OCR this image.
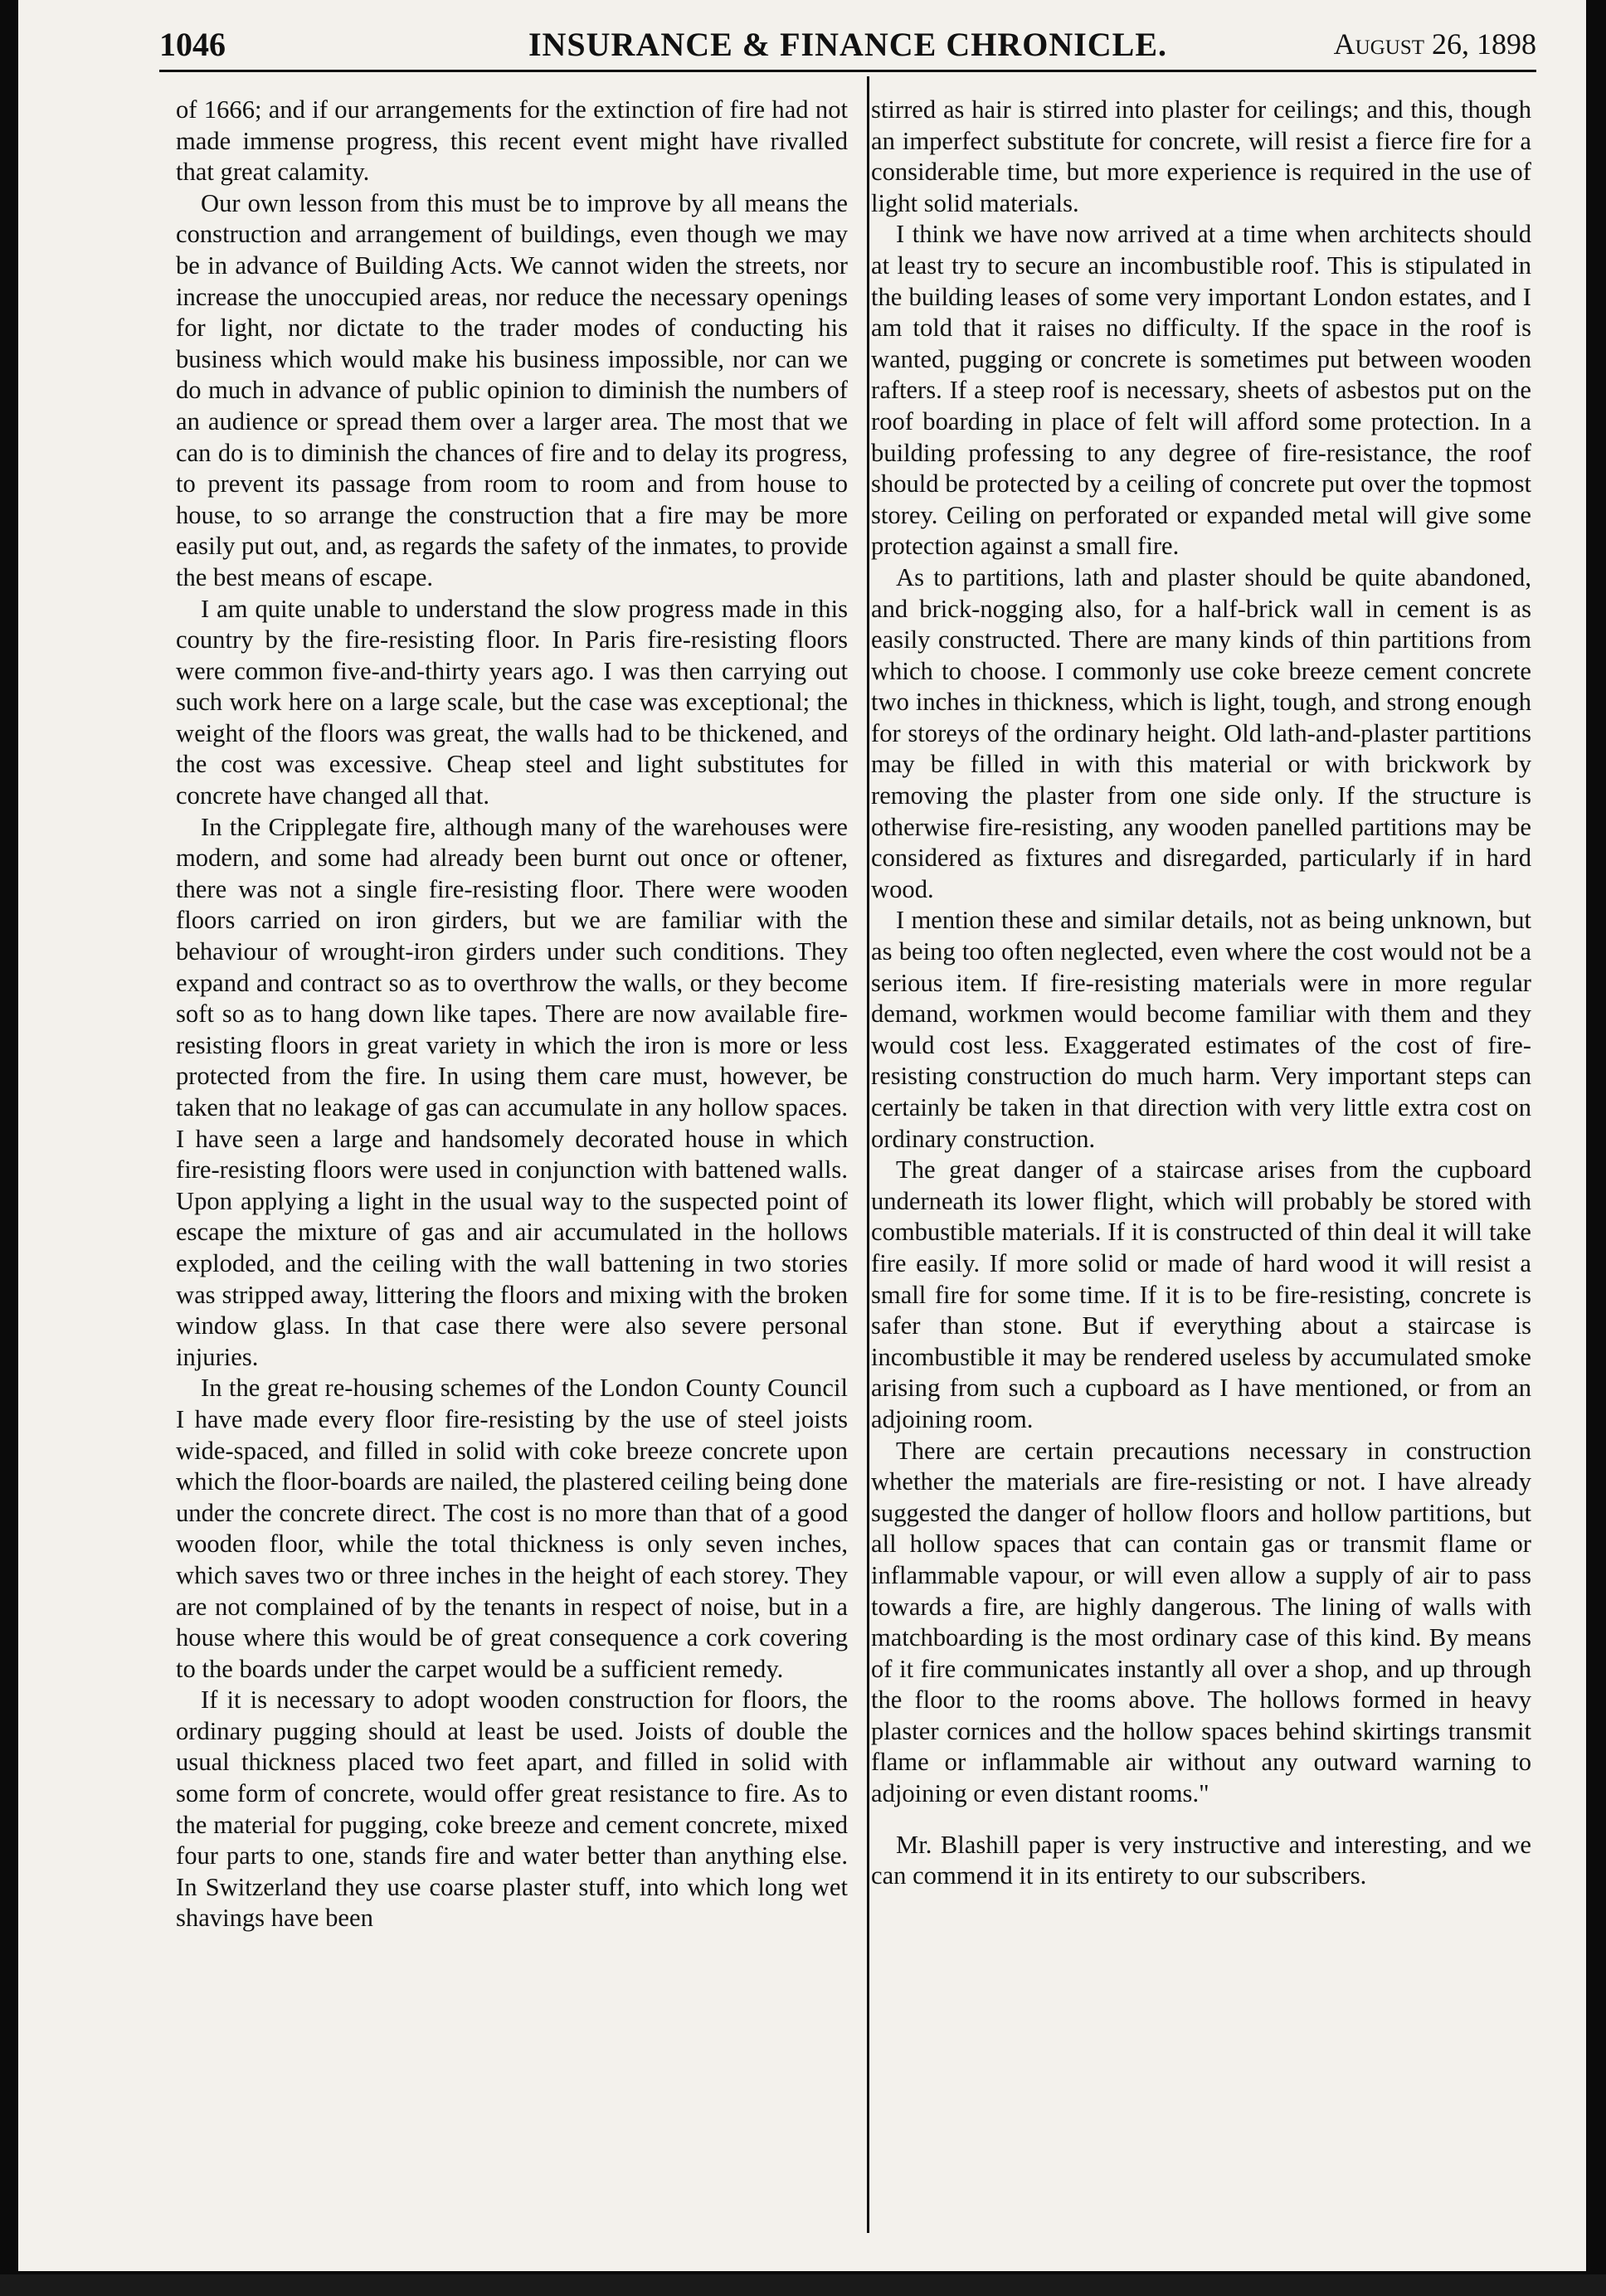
1046	INSURANCE & FINANCE CHRONICLE.	August 26, 1898

of 1666; and if our arrangements for the extinction of fire had not made immense progress, this recent event might have rivalled that great calamity.

Our own lesson from this must be to improve by all means the construction and arrangement of buildings, even though we may be in advance of Building Acts. We cannot widen the streets, nor increase the unoccupied areas, nor reduce the necessary openings for light, nor dictate to the trader modes of conducting his business which would make his business impossible, nor can we do much in advance of public opinion to diminish the numbers of an audience or spread them over a larger area. The most that we can do is to diminish the chances of fire and to delay its progress, to prevent its passage from room to room and from house to house, to so arrange the construction that a fire may be more easily put out, and, as regards the safety of the inmates, to provide the best means of escape.

I am quite unable to understand the slow progress made in this country by the fire-resisting floor. In Paris fire-resisting floors were common five-and-thirty years ago. I was then carrying out such work here on a large scale, but the case was exceptional; the weight of the floors was great, the walls had to be thickened, and the cost was excessive. Cheap steel and light substitutes for concrete have changed all that.

In the Cripplegate fire, although many of the warehouses were modern, and some had already been burnt out once or oftener, there was not a single fire-resisting floor. There were wooden floors carried on iron girders, but we are familiar with the behaviour of wrought-iron girders under such conditions. They expand and contract so as to overthrow the walls, or they become soft so as to hang down like tapes. There are now available fire-resisting floors in great variety in which the iron is more or less protected from the fire. In using them care must, however, be taken that no leakage of gas can accumulate in any hollow spaces. I have seen a large and handsomely decorated house in which fire-resisting floors were used in conjunction with battened walls. Upon applying a light in the usual way to the suspected point of escape the mixture of gas and air accumulated in the hollows exploded, and the ceiling with the wall battening in two stories was stripped away, littering the floors and mixing with the broken window glass. In that case there were also severe personal injuries.

In the great re-housing schemes of the London County Council I have made every floor fire-resisting by the use of steel joists wide-spaced, and filled in solid with coke breeze concrete upon which the floor-boards are nailed, the plastered ceiling being done under the concrete direct. The cost is no more than that of a good wooden floor, while the total thickness is only seven inches, which saves two or three inches in the height of each storey. They are not complained of by the tenants in respect of noise, but in a house where this would be of great consequence a cork covering to the boards under the carpet would be a sufficient remedy.

If it is necessary to adopt wooden construction for floors, the ordinary pugging should at least be used. Joists of double the usual thickness placed two feet apart, and filled in solid with some form of concrete, would offer great resistance to fire. As to the material for pugging, coke breeze and cement concrete, mixed four parts to one, stands fire and water better than anything else. In Switzerland they use coarse plaster stuff, into which long wet shavings have been

stirred as hair is stirred into plaster for ceilings; and this, though an imperfect substitute for concrete, will resist a fierce fire for a considerable time, but more experience is required in the use of light solid materials.

I think we have now arrived at a time when architects should at least try to secure an incombustible roof. This is stipulated in the building leases of some very important London estates, and I am told that it raises no difficulty. If the space in the roof is wanted, pugging or concrete is sometimes put between wooden rafters. If a steep roof is necessary, sheets of asbestos put on the roof boarding in place of felt will afford some protection. In a building professing to any degree of fire-resistance, the roof should be protected by a ceiling of concrete put over the topmost storey. Ceiling on perforated or expanded metal will give some protection against a small fire.

As to partitions, lath and plaster should be quite abandoned, and brick-nogging also, for a half-brick wall in cement is as easily constructed. There are many kinds of thin partitions from which to choose. I commonly use coke breeze cement concrete two inches in thickness, which is light, tough, and strong enough for storeys of the ordinary height. Old lath-and-plaster partitions may be filled in with this material or with brickwork by removing the plaster from one side only. If the structure is otherwise fire-resisting, any wooden panelled partitions may be considered as fixtures and disregarded, particularly if in hard wood.

I mention these and similar details, not as being unknown, but as being too often neglected, even where the cost would not be a serious item. If fire-resisting materials were in more regular demand, workmen would become familiar with them and they would cost less. Exaggerated estimates of the cost of fire-resisting construction do much harm. Very important steps can certainly be taken in that direction with very little extra cost on ordinary construction.

The great danger of a staircase arises from the cupboard underneath its lower flight, which will probably be stored with combustible materials. If it is constructed of thin deal it will take fire easily. If more solid or made of hard wood it will resist a small fire for some time. If it is to be fire-resisting, concrete is safer than stone. But if everything about a staircase is incombustible it may be rendered useless by accumulated smoke arising from such a cupboard as I have mentioned, or from an adjoining room.

There are certain precautions necessary in construction whether the materials are fire-resisting or not. I have already suggested the danger of hollow floors and hollow partitions, but all hollow spaces that can contain gas or transmit flame or inflammable vapour, or will even allow a supply of air to pass towards a fire, are highly dangerous. The lining of walls with matchboarding is the most ordinary case of this kind. By means of it fire communicates instantly all over a shop, and up through the floor to the rooms above. The hollows formed in heavy plaster cornices and the hollow spaces behind skirtings transmit flame or inflammable air without any outward warning to adjoining or even distant rooms."

Mr. Blashill paper is very instructive and interesting, and we can commend it in its entirety to our subscribers.
